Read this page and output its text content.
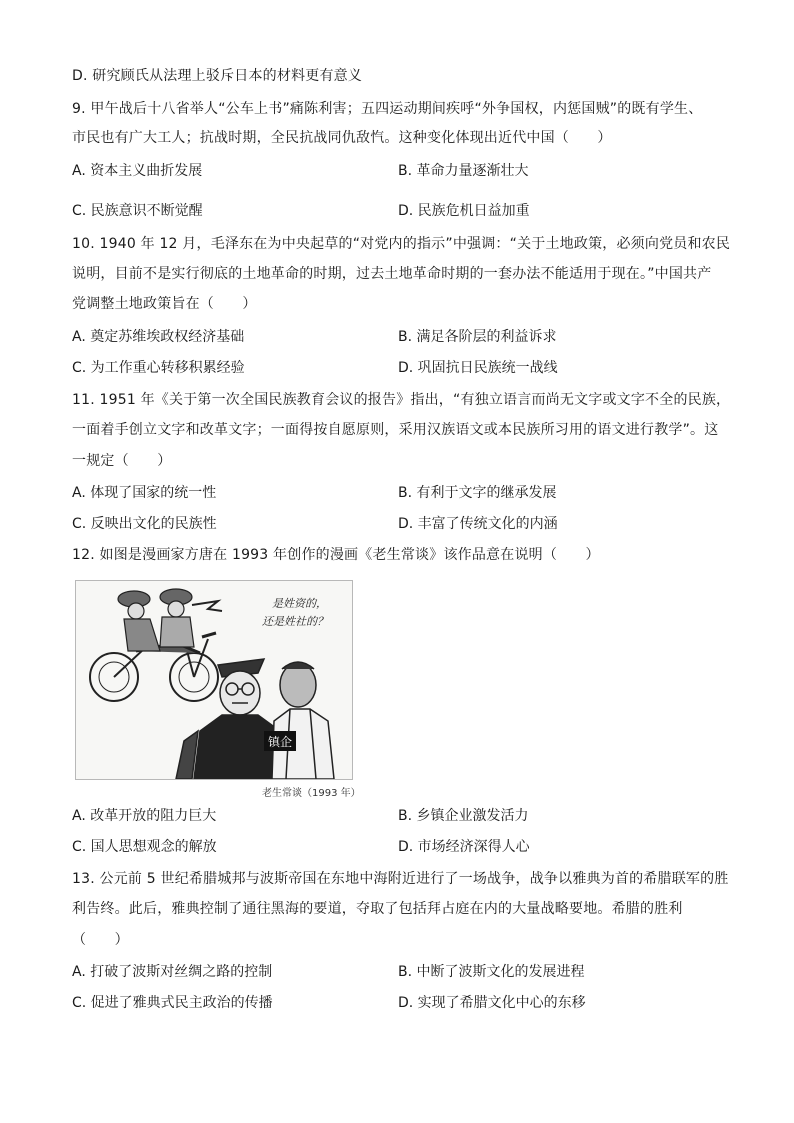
D. 研究顾氏从法理上驳斥日本的材料更有意义
9. 甲午战后十八省举人“公车上书”痛陈利害；五四运动期间疾呼“外争国权，内惩国贼”的既有学生、
市民也有广大工人；抗战时期，全民抗战同仇敌忾。这种变化体现出近代中国（　　）
A. 资本主义曲折发展	B. 革命力量逐渐壮大
C. 民族意识不断觉醒	D. 民族危机日益加重
10. 1940 年 12 月，毛泽东在为中央起草的“对党内的指示”中强调：“关于土地政策，必须向党员和农民
说明，目前不是实行彻底的土地革命的时期，过去土地革命时期的一套办法不能适用于现在。”中国共产
党调整土地政策旨在（　　）
A. 奠定苏维埃政权经济基础	B. 满足各阶层的利益诉求
C. 为工作重心转移积累经验	D. 巩固抗日民族统一战线
11. 1951 年《关于第一次全国民族教育会议的报告》指出，“有独立语言而尚无文字或文字不全的民族，
一面着手创立文字和改革文字；一面得按自愿原则，采用汉族语文或本民族所习用的语文进行教学”。这
一规定（　　）
A. 体现了国家的统一性	B. 有利于文字的继承发展
C. 反映出文化的民族性	D. 丰富了传统文化的内涵
12. 如图是漫画家方唐在 1993 年创作的漫画《老生常谈》该作品意在说明（　　）
是姓资的，
还是姓社的？
镇企
老生常谈（1993 年）
A. 改革开放的阻力巨大	B. 乡镇企业激发活力
C. 国人思想观念的解放	D. 市场经济深得人心
13. 公元前 5 世纪希腊城邦与波斯帝国在东地中海附近进行了一场战争，战争以雅典为首的希腊联军的胜
利告终。此后，雅典控制了通往黑海的要道，夺取了包括拜占庭在内的大量战略要地。希腊的胜利
（　　）
A. 打破了波斯对丝绸之路的控制	B. 中断了波斯文化的发展进程
C. 促进了雅典式民主政治的传播	D. 实现了希腊文化中心的东移
